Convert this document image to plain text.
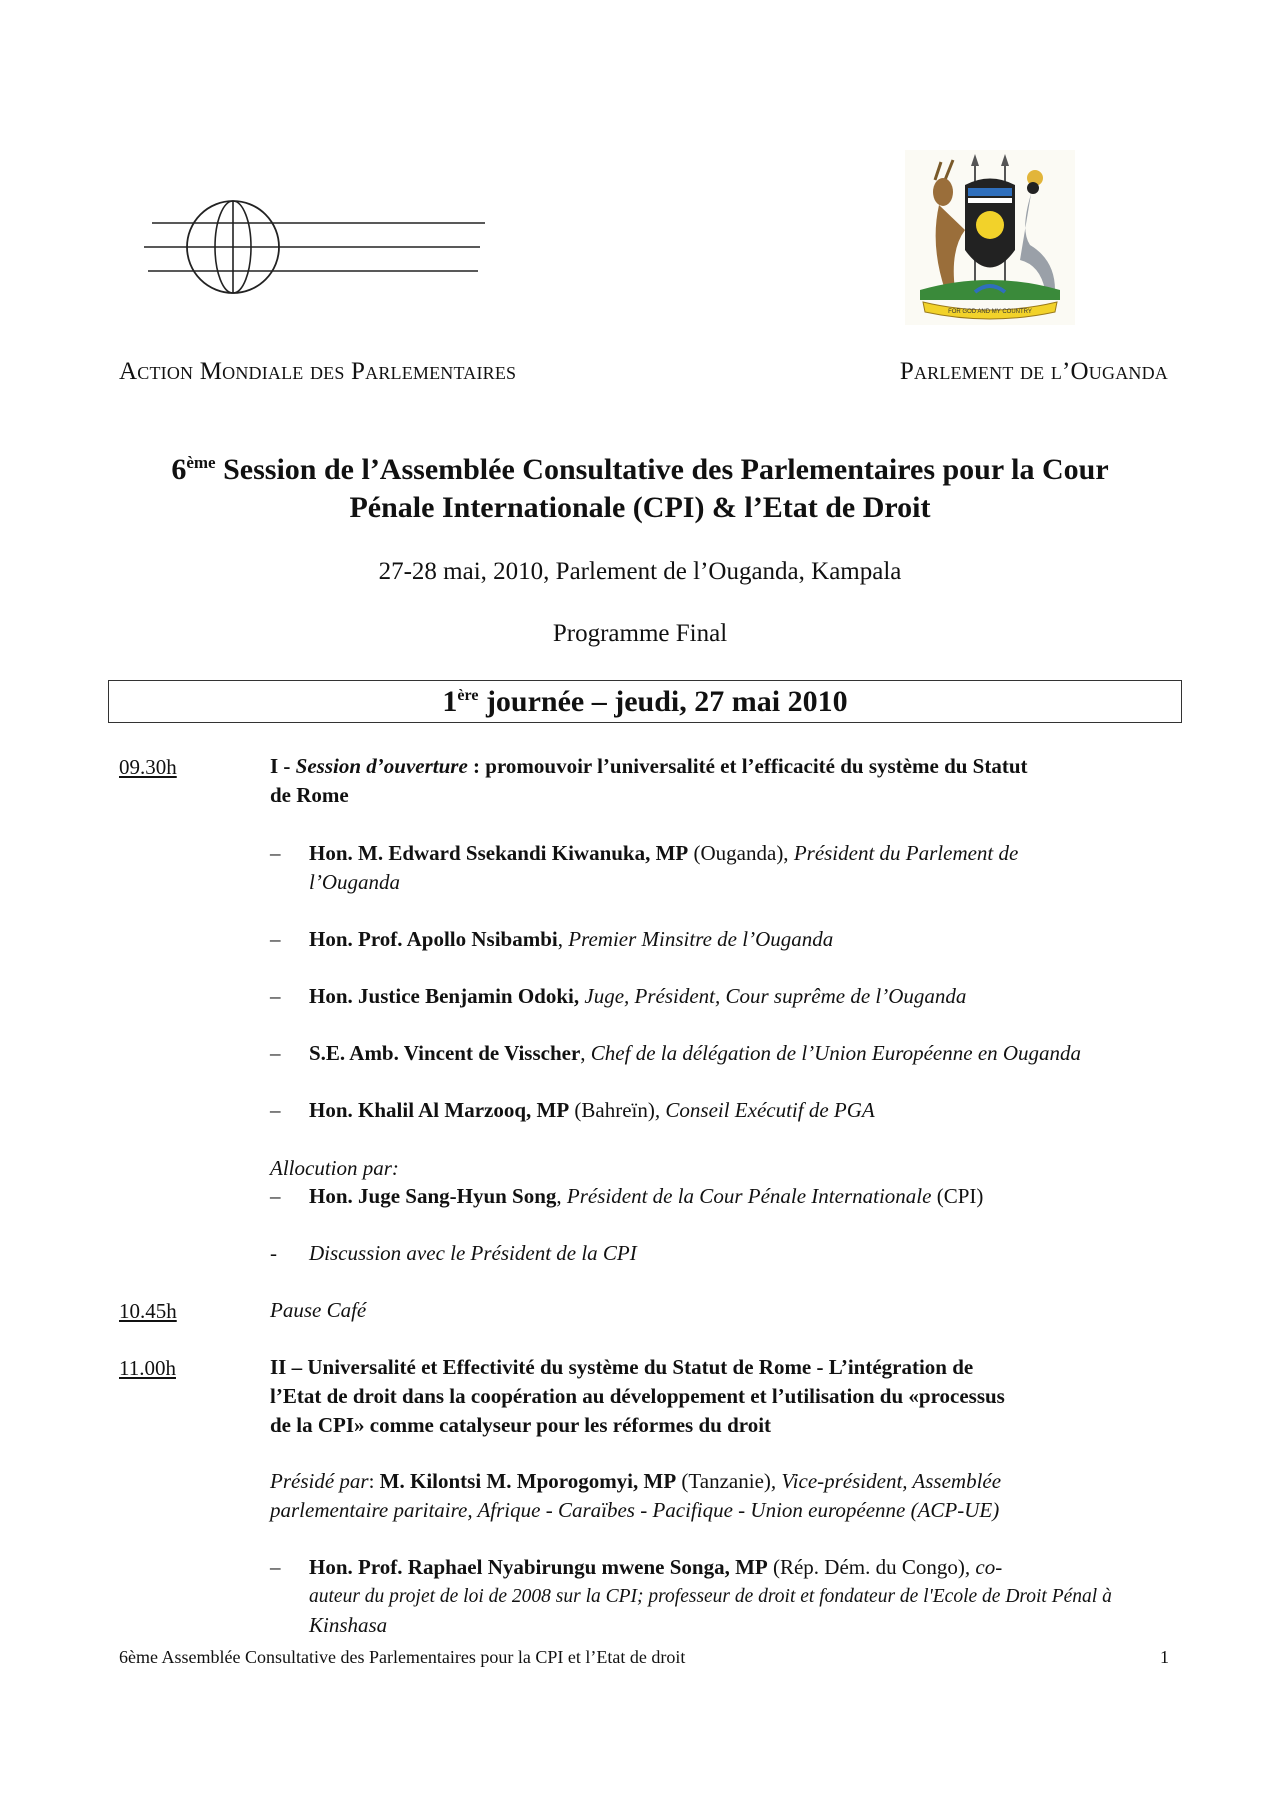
FOR GOD AND MY COUNTRY
Action Mondiale des Parlementaires	Parlement de l’Ouganda
6ème Session de l’Assemblée Consultative des Parlementaires pour la Cour
Pénale Internationale (CPI) & l’Etat de Droit
27-28 mai, 2010, Parlement de l’Ouganda, Kampala
Programme Final
1ère journée – jeudi, 27 mai 2010
09.30h	I - Session d’ouverture : promouvoir l’universalité et l’efficacité du système du Statut
de Rome
–	Hon. M. Edward Ssekandi Kiwanuka, MP (Ouganda), Président du Parlement de
l’Ouganda
–	Hon. Prof. Apollo Nsibambi, Premier Minsitre de l’Ouganda
–	Hon. Justice Benjamin Odoki, Juge, Président, Cour suprême de l’Ouganda
–	S.E. Amb. Vincent de Visscher, Chef de la délégation de l’Union Européenne en Ouganda
–	Hon. Khalil Al Marzooq, MP (Bahreïn), Conseil Exécutif de PGA
Allocution par:
–	Hon. Juge Sang-Hyun Song, Président de la Cour Pénale Internationale (CPI)
-	Discussion avec le Président de la CPI
10.45h	Pause Café
11.00h	II – Universalité et Effectivité du système du Statut de Rome - L’intégration de
l’Etat de droit dans la coopération au développement et l’utilisation du «processus
de la CPI» comme catalyseur pour les réformes du droit
Présidé par: M. Kilontsi M. Mporogomyi, MP (Tanzanie), Vice-président, Assemblée
parlementaire paritaire, Afrique - Caraïbes - Pacifique - Union européenne (ACP-UE)
–	Hon. Prof. Raphael Nyabirungu mwene Songa, MP (Rép. Dém. du Congo), co-
auteur du projet de loi de 2008 sur la CPI; professeur de droit et fondateur de l'Ecole de Droit Pénal à
Kinshasa
6ème Assemblée Consultative des Parlementaires pour la CPI et l’Etat de droit	1
